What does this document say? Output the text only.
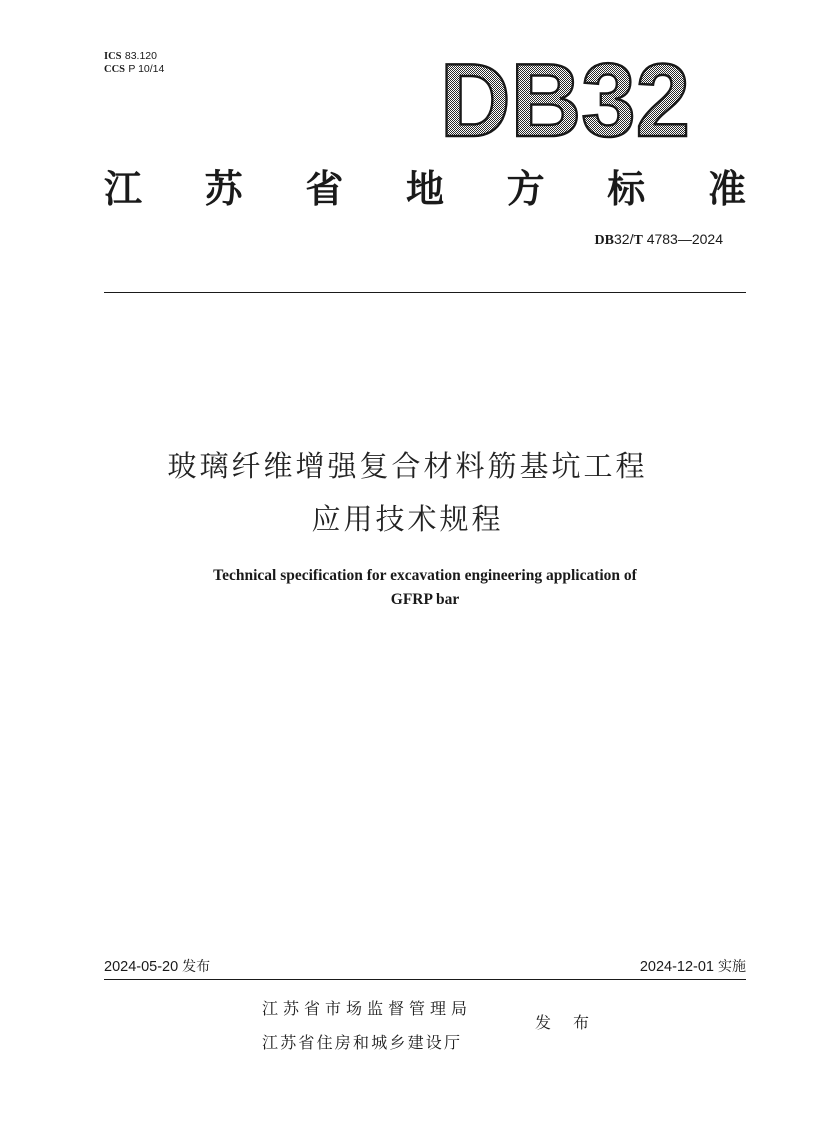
ICS 83.120
CCS P 10/14	DB32
江 苏 省 地 方 标 准
DB32/T 4783—2024
玻璃纤维增强复合材料筋基坑工程
应用技术规程
Technical specification for excavation engineering application of
GFRP bar
2024-05-20 发布	2024-12-01 实施
江苏省市场监督管理局
江苏省住房和城乡建设厅
发 布
